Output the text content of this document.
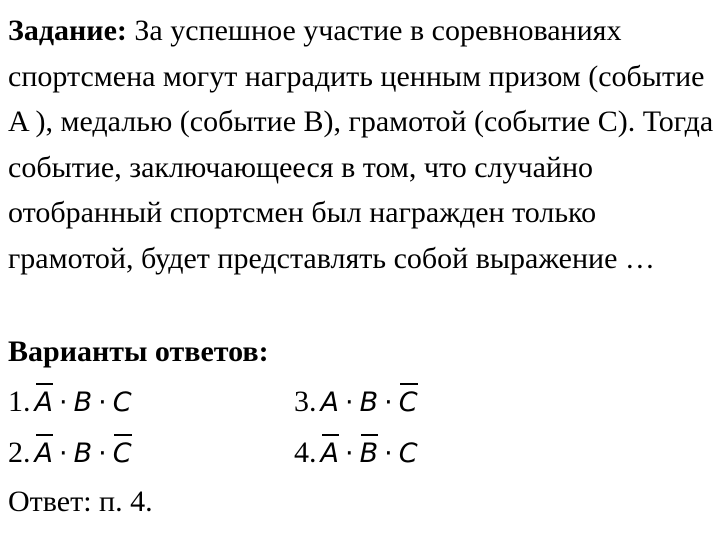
Задание: За успешное участие в соревнованиях спортсмена могут наградить ценным призом (событие A ), медалью (событие B), грамотой (событие C). Тогда событие, заключающееся в том, что случайно отобранный спортсмен был награжден только грамотой, будет представлять собой выражение …
Варианты ответов:
1. A · B · C	3. A · B · C
2. A · B · C	4. A · B · C
Ответ: п. 4.
